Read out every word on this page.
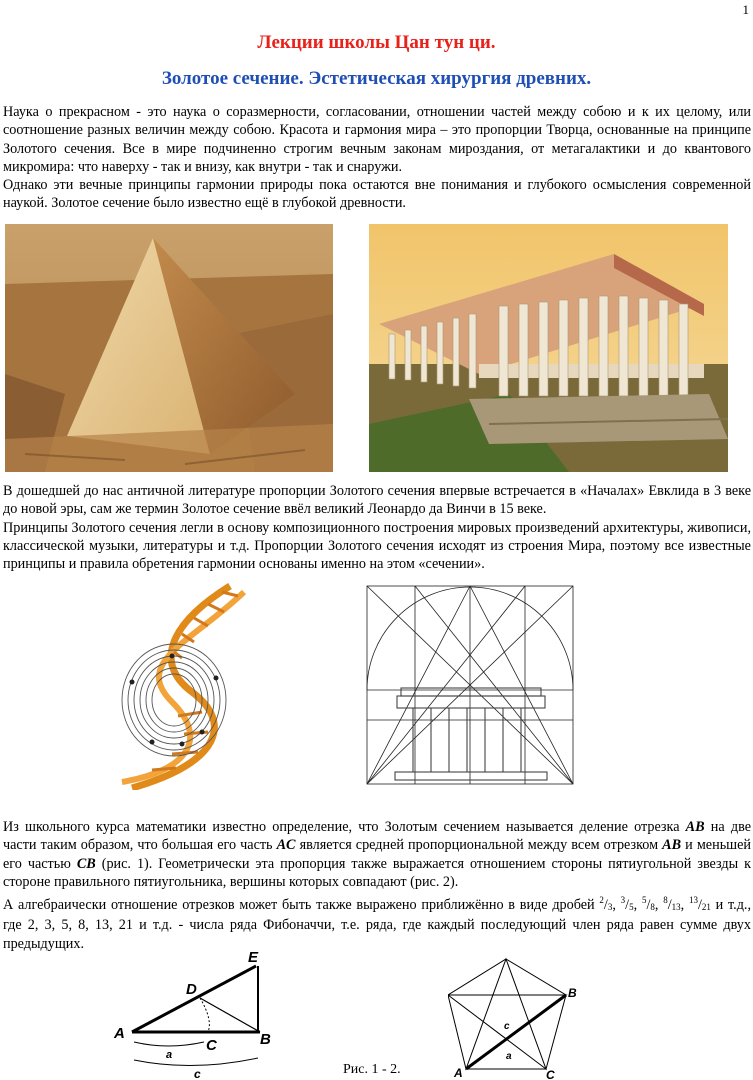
1
Лекции школы Цан тун ци.
Золотое сечение. Эстетическая хирургия древних.

Наука о прекрасном - это наука о соразмерности, согласовании, отношении частей между собою и к их целому, или соотношение разных величин между собою. Красота и гармония мира – это пропорции Творца, основанные на принципе Золотого сечения. Все в мире подчиненно строгим вечным законам мироздания, от метагалактики и до квантового микромира: что наверху - так и внизу, как внутри - так и снаружи.

Однако эти вечные принципы гармонии природы пока остаются вне понимания и глубокого осмысления современной наукой. Золотое сечение было известно ещё в глубокой древности.

В дошедшей до нас античной литературе пропорции Золотого сечения впервые встречается в «Началах» Евклида в 3 веке до новой эры, сам же термин Золотое сечение ввёл великий Леонардо да Винчи в 15 веке.

Принципы Золотого сечения легли в основу композиционного построения мировых произведений архитектуры, живописи, классической музыки, литературы и т.д. Пропорции Золотого сечения исходят из строения Мира, поэтому все известные принципы и правила обретения гармонии основаны именно на этом «сечении».

Из школьного курса математики известно определение, что Золотым сечением называется деление отрезка AB на две части таким образом, что большая его часть AC является средней пропорциональной между всем отрезком AB и меньшей его частью CB (рис. 1). Геометрически эта пропорция также выражается отношением стороны пятиугольной звезды к стороне правильного пятиугольника, вершины которых совпадают (рис. 2).

А алгебраически отношение отрезков может быть также выражено приближённо в виде дробей $^2/_3$, $^3/_5$, $^5/_8$, $^8/_{13}$, $^{13}/_{21}$ и т.д., где 2, 3, 5, 8, 13, 21 и т.д. - числа ряда Фибоначчи, т.е. ряда, где каждый последующий член ряда равен сумме двух предыдущих.

A	B
C
D
E
a
c
B
A	C
c
a
Рис. 1 - 2.
